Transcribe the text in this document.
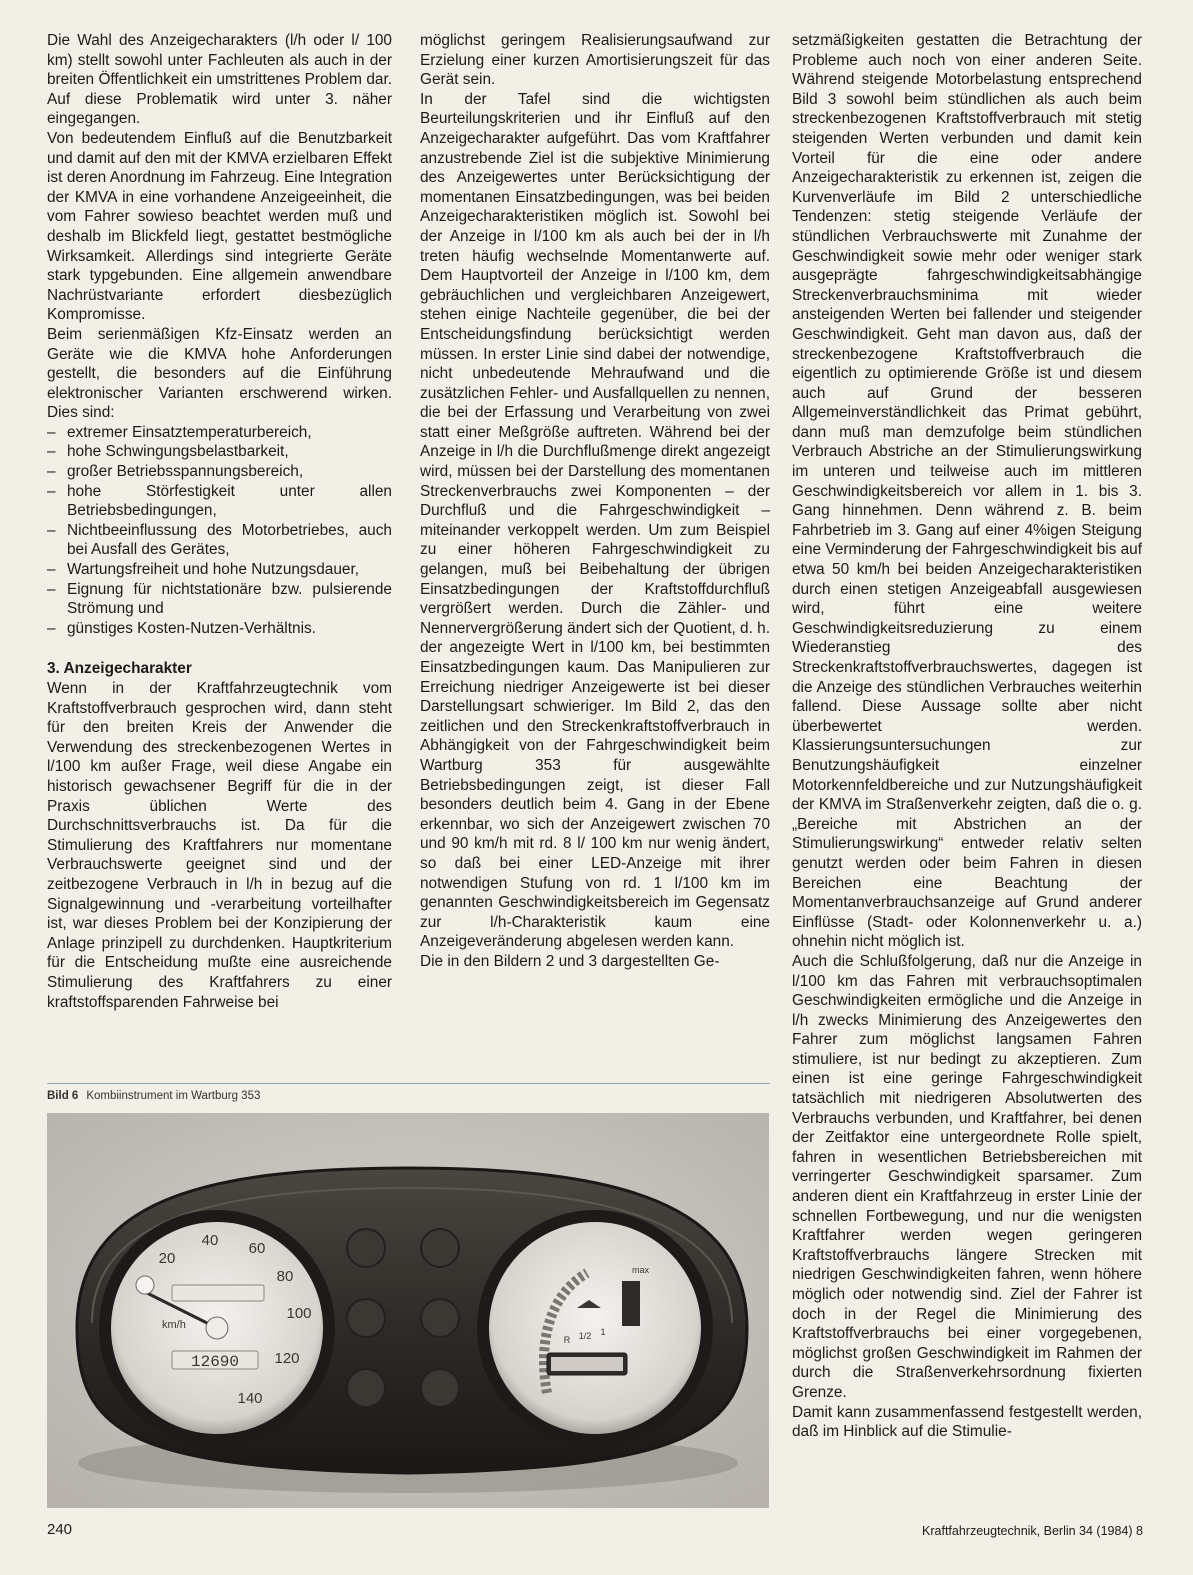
Die Wahl des Anzeigecharakters (l/h oder l/ 100 km) stellt sowohl unter Fachleuten als auch in der breiten Öffentlichkeit ein umstrittenes Problem dar. Auf diese Problematik wird unter 3. näher eingegangen.

Von bedeutendem Einfluß auf die Benutzbarkeit und damit auf den mit der KMVA erzielbaren Effekt ist deren Anordnung im Fahrzeug. Eine Integration der KMVA in eine vorhandene Anzeigeeinheit, die vom Fahrer sowieso beachtet werden muß und deshalb im Blickfeld liegt, gestattet bestmögliche Wirksamkeit. Allerdings sind integrierte Geräte stark typgebunden. Eine allgemein anwendbare Nachrüstvariante erfordert diesbezüglich Kompromisse.

Beim serienmäßigen Kfz-Einsatz werden an Geräte wie die KMVA hohe Anforderungen gestellt, die besonders auf die Einführung elektronischer Varianten erschwerend wirken. Dies sind:

– extremer Einsatztemperaturbereich,
– hohe Schwingungsbelastbarkeit,
– großer Betriebsspannungsbereich,
– hohe Störfestigkeit unter allen Betriebsbedingungen,
– Nichtbeeinflussung des Motorbetriebes, auch bei Ausfall des Gerätes,
– Wartungsfreiheit und hohe Nutzungsdauer,
– Eignung für nichtstationäre bzw. pulsierende Strömung und
– günstiges Kosten-Nutzen-Verhältnis.
3. Anzeigecharakter

Wenn in der Kraftfahrzeugtechnik vom Kraftstoffverbrauch gesprochen wird, dann steht für den breiten Kreis der Anwender die Verwendung des streckenbezogenen Wertes in l/100 km außer Frage, weil diese Angabe ein historisch gewachsener Begriff für die in der Praxis üblichen Werte des Durchschnittsverbrauchs ist. Da für die Stimulierung des Kraftfahrers nur momentane Verbrauchswerte geeignet sind und der zeitbezogene Verbrauch in l/h in bezug auf die Signalgewinnung und -verarbeitung vorteilhafter ist, war dieses Problem bei der Konzipierung der Anlage prinzipell zu durchdenken. Hauptkriterium für die Entscheidung mußte eine ausreichende Stimulierung des Kraftfahrers zu einer kraftstoffsparenden Fahrweise bei

möglichst geringem Realisierungsaufwand zur Erzielung einer kurzen Amortisierungszeit für das Gerät sein.

In der Tafel sind die wichtigsten Beurteilungskriterien und ihr Einfluß auf den Anzeigecharakter aufgeführt. Das vom Kraftfahrer anzustrebende Ziel ist die subjektive Minimierung des Anzeigewertes unter Berücksichtigung der momentanen Einsatzbedingungen, was bei beiden Anzeigecharakteristiken möglich ist. Sowohl bei der Anzeige in l/100 km als auch bei der in l/h treten häufig wechselnde Momentanwerte auf. Dem Hauptvorteil der Anzeige in l/100 km, dem gebräuchlichen und vergleichbaren Anzeigewert, stehen einige Nachteile gegenüber, die bei der Entscheidungsfindung berücksichtigt werden müssen. In erster Linie sind dabei der notwendige, nicht unbedeutende Mehraufwand und die zusätzlichen Fehler- und Ausfallquellen zu nennen, die bei der Erfassung und Verarbeitung von zwei statt einer Meßgröße auftreten. Während bei der Anzeige in l/h die Durchflußmenge direkt angezeigt wird, müssen bei der Darstellung des momentanen Streckenverbrauchs zwei Komponenten – der Durchfluß und die Fahrgeschwindigkeit – miteinander verkoppelt werden. Um zum Beispiel zu einer höheren Fahrgeschwindigkeit zu gelangen, muß bei Beibehaltung der übrigen Einsatzbedingungen der Kraftstoffdurchfluß vergrößert werden. Durch die Zähler- und Nennervergrößerung ändert sich der Quotient, d. h. der angezeigte Wert in l/100 km, bei bestimmten Einsatzbedingungen kaum. Das Manipulieren zur Erreichung niedriger Anzeigewerte ist bei dieser Darstellungsart schwieriger. Im Bild 2, das den zeitlichen und den Streckenkraftstoffverbrauch in Abhängigkeit von der Fahrgeschwindigkeit beim Wartburg 353 für ausgewählte Betriebsbedingungen zeigt, ist dieser Fall besonders deutlich beim 4. Gang in der Ebene erkennbar, wo sich der Anzeigewert zwischen 70 und 90 km/h mit rd. 8 l/ 100 km nur wenig ändert, so daß bei einer LED-Anzeige mit ihrer notwendigen Stufung von rd. 1 l/100 km im genannten Geschwindigkeitsbereich im Gegensatz zur l/h-Charakteristik kaum eine Anzeigeveränderung abgelesen werden kann.

Die in den Bildern 2 und 3 dargestellten Ge-

setzmäßigkeiten gestatten die Betrachtung der Probleme auch noch von einer anderen Seite. Während steigende Motorbelastung entsprechend Bild 3 sowohl beim stündlichen als auch beim streckenbezogenen Kraftstoffverbrauch mit stetig steigenden Werten verbunden und damit kein Vorteil für die eine oder andere Anzeigecharakteristik zu erkennen ist, zeigen die Kurvenverläufe im Bild 2 unterschiedliche Tendenzen: stetig steigende Verläufe der stündlichen Verbrauchswerte mit Zunahme der Geschwindigkeit sowie mehr oder weniger stark ausgeprägte fahrgeschwindigkeitsabhängige Streckenverbrauchsminima mit wieder ansteigenden Werten bei fallender und steigender Geschwindigkeit. Geht man davon aus, daß der streckenbezogene Kraftstoffverbrauch die eigentlich zu optimierende Größe ist und diesem auch auf Grund der besseren Allgemeinverständlichkeit das Primat gebührt, dann muß man demzufolge beim stündlichen Verbrauch Abstriche an der Stimulierungswirkung im unteren und teilweise auch im mittleren Geschwindigkeitsbereich vor allem in 1. bis 3. Gang hinnehmen. Denn während z. B. beim Fahrbetrieb im 3. Gang auf einer 4%igen Steigung eine Verminderung der Fahrgeschwindigkeit bis auf etwa 50 km/h bei beiden Anzeigecharakteristiken durch einen stetigen Anzeigeabfall ausgewiesen wird, führt eine weitere Geschwindigkeitsreduzierung zu einem Wiederanstieg des Streckenkraftstoffverbrauchswertes, dagegen ist die Anzeige des stündlichen Verbrauches weiterhin fallend. Diese Aussage sollte aber nicht überbewertet werden. Klassierungsuntersuchungen zur Benutzungshäufigkeit einzelner Motorkennfeldbereiche und zur Nutzungshäufigkeit der KMVA im Straßenverkehr zeigten, daß die o. g. „Bereiche mit Abstrichen an der Stimulierungswirkung“ entweder relativ selten genutzt werden oder beim Fahren in diesen Bereichen eine Beachtung der Momentanverbrauchsanzeige auf Grund anderer Einflüsse (Stadt- oder Kolonnenverkehr u. a.) ohnehin nicht möglich ist.

Auch die Schlußfolgerung, daß nur die Anzeige in l/100 km das Fahren mit verbrauchsoptimalen Geschwindigkeiten ermögliche und die Anzeige in l/h zwecks Minimierung des Anzeigewertes den Fahrer zum möglichst langsamen Fahren stimuliere, ist nur bedingt zu akzeptieren. Zum einen ist eine geringe Fahrgeschwindigkeit tatsächlich mit niedrigeren Absolutwerten des Verbrauchs verbunden, und Kraftfahrer, bei denen der Zeitfaktor eine untergeordnete Rolle spielt, fahren in wesentlichen Betriebsbereichen mit verringerter Geschwindigkeit sparsamer. Zum anderen dient ein Kraftfahrzeug in erster Linie der schnellen Fortbewegung, und nur die wenigsten Kraftfahrer werden wegen geringeren Kraftstoffverbrauchs längere Strecken mit niedrigen Geschwindigkeiten fahren, wenn höhere möglich oder notwendig sind. Ziel der Fahrer ist doch in der Regel die Minimierung des Kraftstoffverbrauchs bei einer vorgegebenen, möglichst großen Geschwindigkeit im Rahmen der durch die Straßenverkehrsordnung fixierten Grenze.

Damit kann zusammenfassend festgestellt werden, daß im Hinblick auf die Stimulie-

Bild 6 Kombiinstrument im Wartburg 353
20
40 60
80
100
120
140
km/h
12690
max
R 1/2 1
240	Kraftfahrzeugtechnik, Berlin 34 (1984) 8
